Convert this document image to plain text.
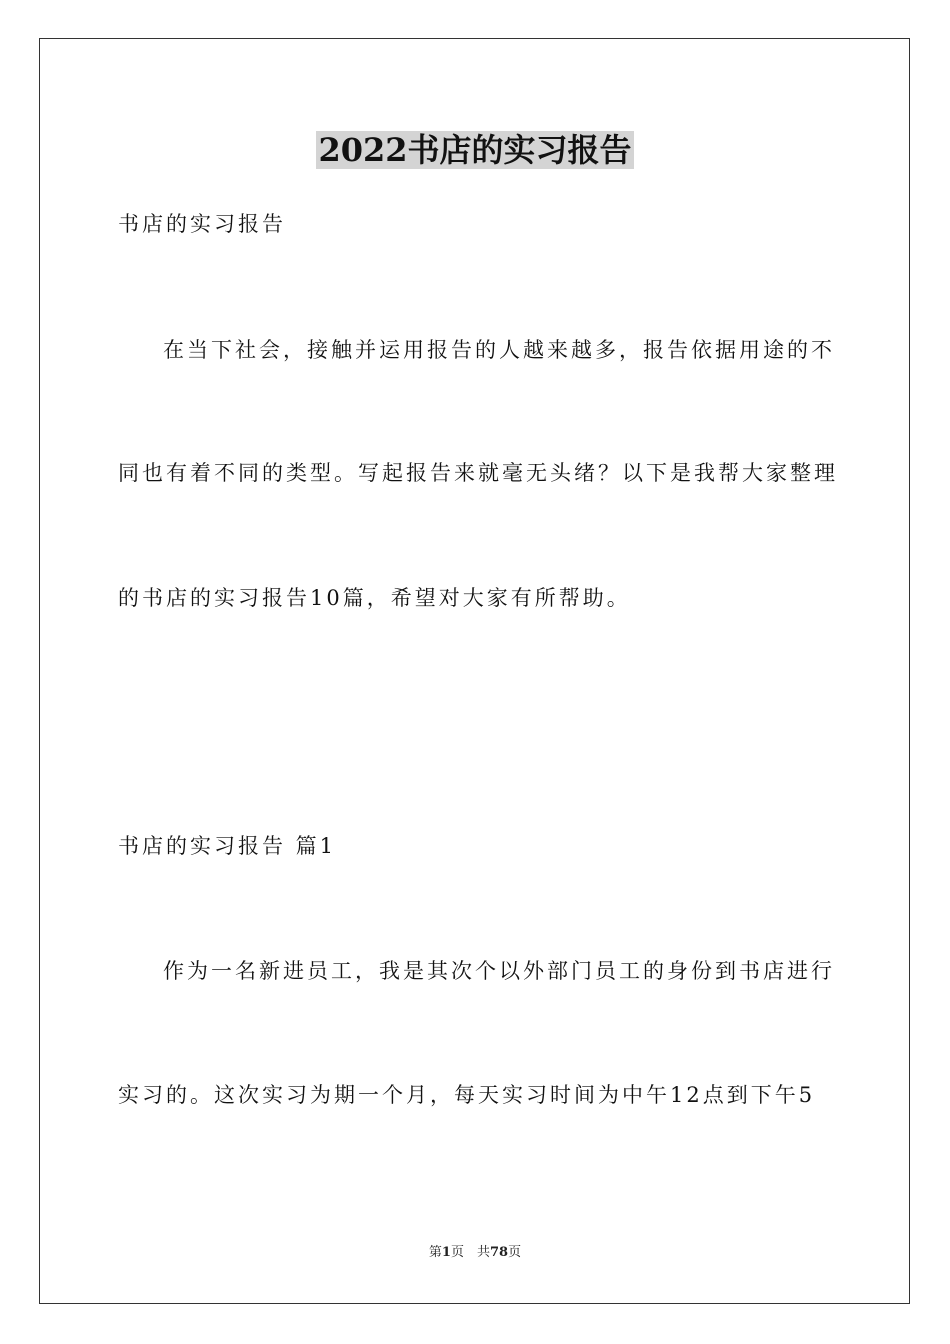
2022书店的实习报告
书店的实习报告
在当下社会，接触并运用报告的人越来越多，报告依据用途的不
同也有着不同的类型。写起报告来就毫无头绪？以下是我帮大家整理
的书店的实习报告10篇，希望对大家有所帮助。
书店的实习报告 篇1
作为一名新进员工，我是其次个以外部门员工的身份到书店进行
实习的。这次实习为期一个月，每天实习时间为中午12点到下午5
第1页　共78页
